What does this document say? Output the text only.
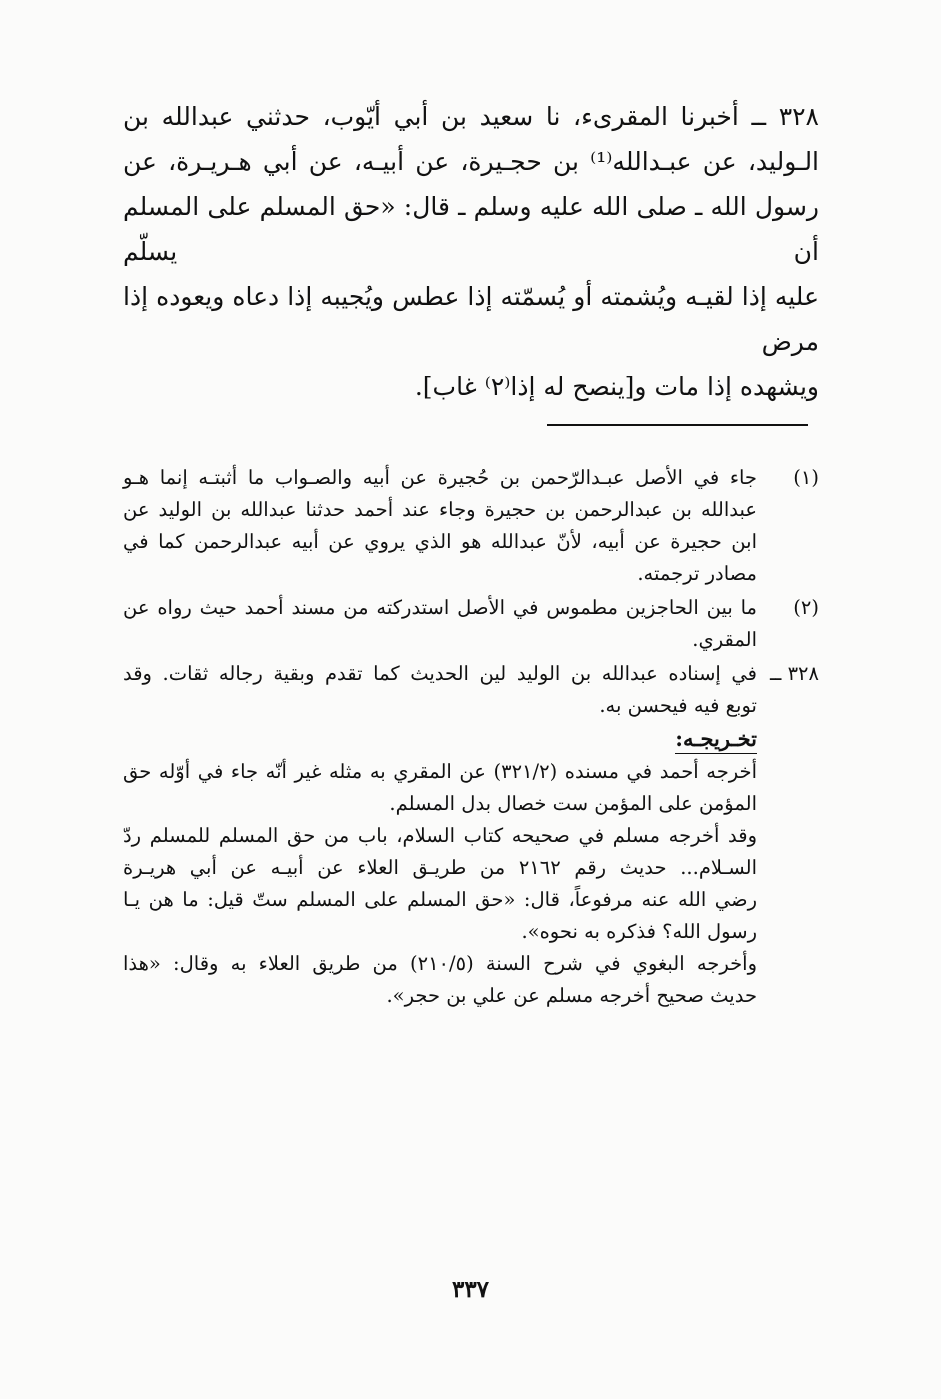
٣٢٨ ــ أخبرنا المقرىء، نا سعيد بن أبي أيّوب، حدثني عبدالله بن
الـوليد، عن عبـدالله⁽¹⁾ بن حجـيرة، عن أبيـه، عن أبي هـريـرة، عن
رسول الله ـ صلى الله عليه وسلم ـ قال: «حق المسلم على المسلم أن يسلّم
عليه إذا لقيـه ويُشمته أو يُسمّته إذا عطس ويُجيبه إذا دعاه ويعوده إذا مرض
ويشهده إذا مات و[ينصح له إذا⁽٢⁾ غاب].

(١)
جاء في الأصل عبـدالرّحمن بن حُجيرة عن أبيه والصـواب ما أثبتـه إنما هـو
عبدالله بن عبدالرحمن بن حجيرة وجاء عند أحمد حدثنا عبدالله بن الوليد عن
ابن حجيرة عن أبيه، لأنّ عبدالله هو الذي يروي عن أبيه عبدالرحمن كما في
مصادر ترجمته.
(٢)
ما بين الحاجزين مطموس في الأصل استدركته من مسند أحمد حيث رواه عن
المقري.
٣٢٨ ــ
في إسناده عبدالله بن الوليد لين الحديث كما تقدم وبقية رجاله ثقات. وقد
توبع فيه فيحسن به.
تخـريجـه:

أخرجه أحمد في مسنده (٣٢١/٢) عن المقري به مثله غير أنّه جاء في أوّله حق
المؤمن على المؤمن ست خصال بدل المسلم.

وقد أخرجه مسلم في صحيحه كتاب السلام، باب من حق المسلم للمسلم ردّ
السـلام... حديث رقم ٢١٦٢ من طريـق العلاء عن أبيـه عن أبي هريـرة
رضي الله عنه مرفوعاً، قال: «حق المسلم على المسلم ستّ قيل: ما هن يـا
رسول الله؟ فذكره به نحوه».

وأخرجه البغوي في شرح السنة (٢١٠/٥) من طريق العلاء به وقال: «هذا
حديث صحيح أخرجه مسلم عن علي بن حجر».

٣٣٧
